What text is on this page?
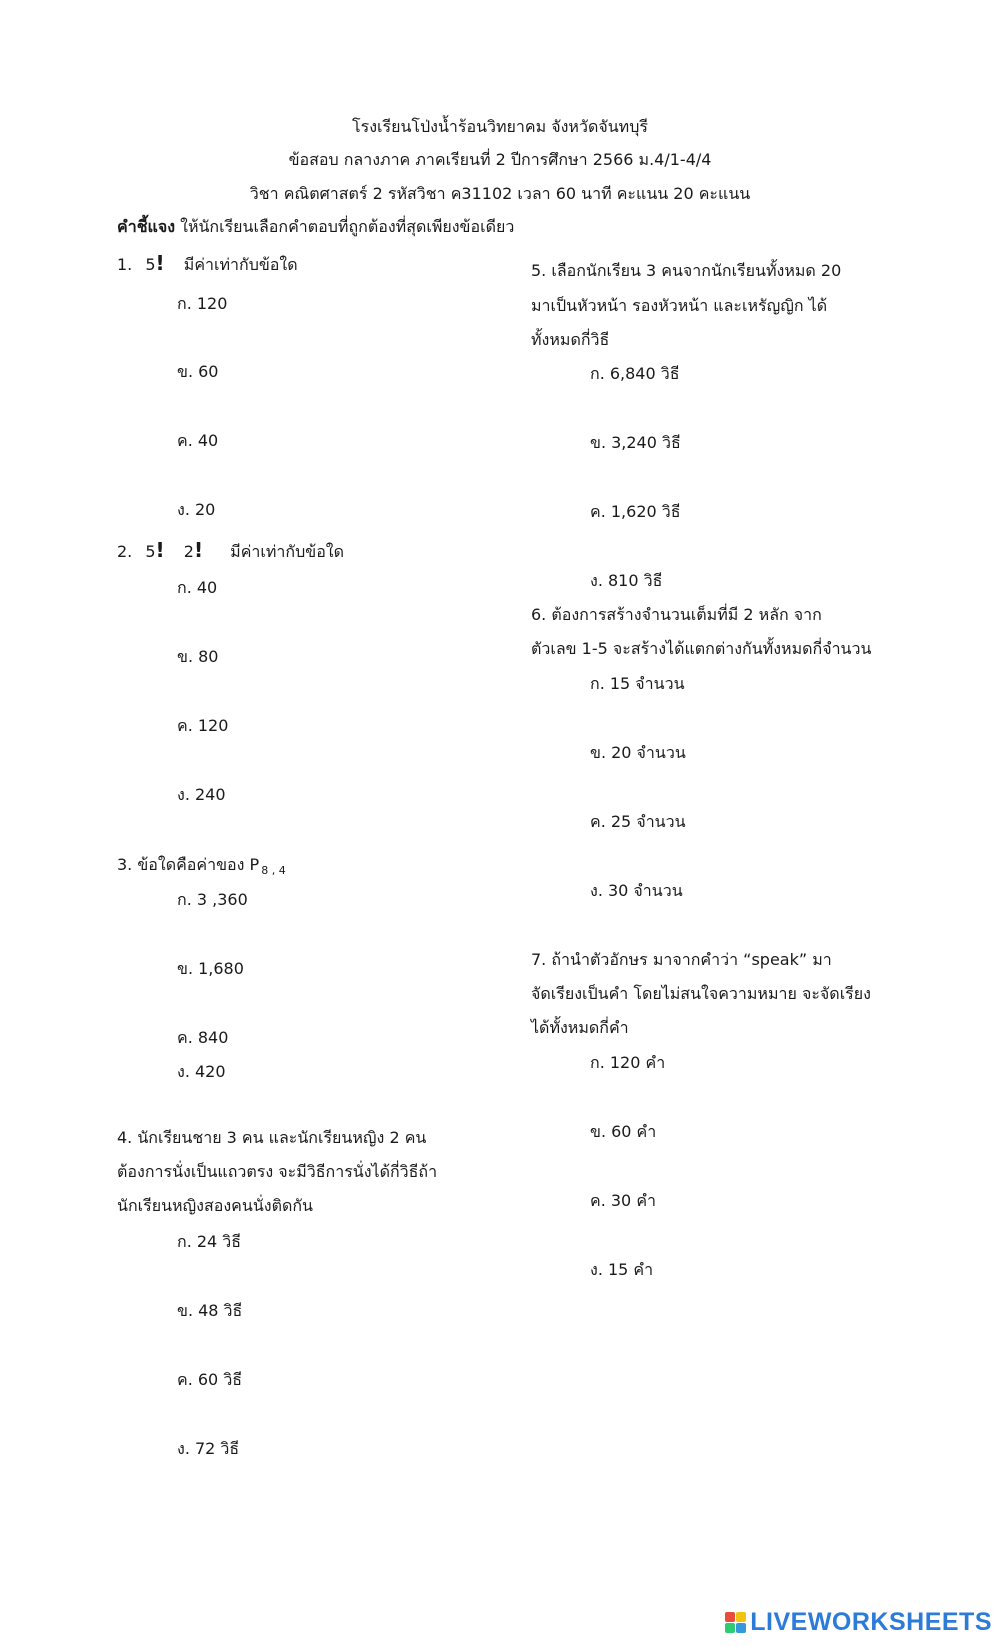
โรงเรียนโป่งน้ำร้อนวิทยาคม จังหวัดจันทบุรี
ข้อสอบ กลางภาค ภาคเรียนที่ 2 ปีการศึกษา 2566 ม.4/1-4/4
วิชา คณิตศาสตร์ 2 รหัสวิชา ค31102 เวลา 60 นาที คะแนน 20 คะแนน
คำชี้แจง ให้นักเรียนเลือกคำตอบที่ถูกต้องที่สุดเพียงข้อเดียว
1. 5! มีค่าเท่ากับข้อใด
ก. 120
ข. 60
ค. 40
ง. 20
2. 5! 2! มีค่าเท่ากับข้อใด
ก. 40
ข. 80
ค. 120
ง. 240
3. ข้อใดคือค่าของ P $_{8 , 4}$
ก. 3 ,360
ข. 1,680
ค. 840
ง. 420
4. นักเรียนชาย 3 คน และนักเรียนหญิง 2 คน
ต้องการนั่งเป็นแถวตรง จะมีวิธีการนั่งได้กี่วิธีถ้า
นักเรียนหญิงสองคนนั่งติดกัน
ก. 24 วิธี
ข. 48 วิธี
ค. 60 วิธี
ง. 72 วิธี
5. เลือกนักเรียน 3 คนจากนักเรียนทั้งหมด 20
มาเป็นหัวหน้า รองหัวหน้า และเหรัญญิก ได้
ทั้งหมดกี่วิธี
ก. 6,840 วิธี
ข. 3,240 วิธี
ค. 1,620 วิธี
ง. 810 วิธี
6. ต้องการสร้างจำนวนเต็มที่มี 2 หลัก จาก
ตัวเลข 1-5 จะสร้างได้แตกต่างกันทั้งหมดกี่จำนวน
ก. 15 จำนวน
ข. 20 จำนวน
ค. 25 จำนวน
ง. 30 จำนวน
7. ถ้านำตัวอักษร มาจากคำว่า “speak” มา
จัดเรียงเป็นคำ โดยไม่สนใจความหมาย จะจัดเรียง
ได้ทั้งหมดกี่คำ
ก. 120 คำ
ข. 60 คำ
ค. 30 คำ
ง. 15 คำ
LIVEWORKSHEETS
